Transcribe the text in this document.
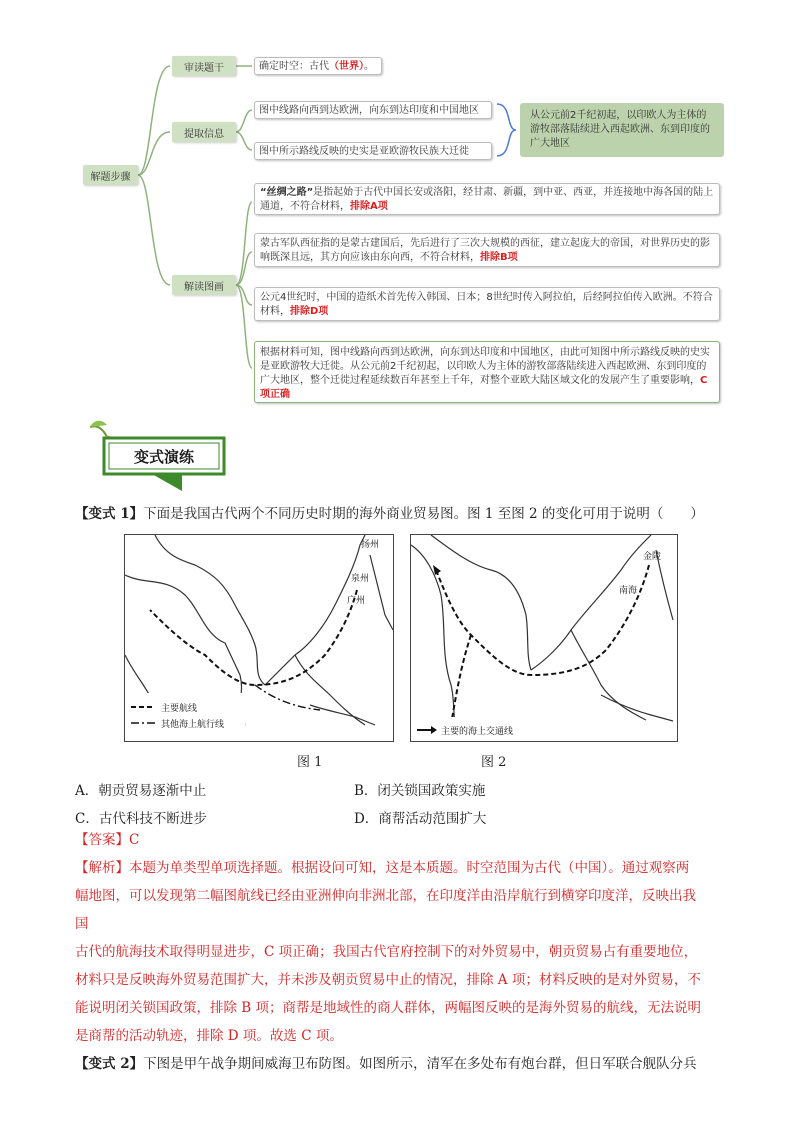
解题步骤
审读题干
提取信息
解读图画
确定时空：古代（世界）。
图中线路向西到达欧洲，向东到达印度和中国地区
图中所示路线反映的史实是亚欧游牧民族大迁徙
从公元前2千纪初起，以印欧人为主体的游牧部落陆续进入西起欧洲、东到印度的广大地区
“丝绸之路”是指起始于古代中国长安或洛阳，经甘肃、新疆，到中亚、西亚，并连接地中海各国的陆上通道，不符合材料，排除A项
蒙古军队西征指的是蒙古建国后，先后进行了三次大规模的西征，建立起庞大的帝国，对世界历史的影响既深且远，其方向应该由东向西，不符合材料，排除B项
公元4世纪时，中国的造纸术首先传入韩国、日本；8世纪时传入阿拉伯，后经阿拉伯传入欧洲。不符合材料，排除D项
根据材料可知，图中线路向西到达欧洲，向东到达印度和中国地区，由此可知图中所示路线反映的史实是亚欧游牧大迁徙。从公元前2千纪初起，以印欧人为主体的游牧部落陆续进入西起欧洲、东到印度的广大地区，整个迁徙过程延续数百年甚至上千年，对整个亚欧大陆区域文化的发展产生了重要影响，C项正确
变式演练
【变式 1】下面是我国古代两个不同历史时期的海外商业贸易图。图 1 至图 2 的变化可用于说明（　　）
扬州
泉州
广州
主要航线
其他海上航行线
金陵
南海
主要的海上交通线
图 1	图 2
A．朝贡贸易逐渐中止	B．闭关锁国政策实施
C．古代科技不断进步	D．商帮活动范围扩大
【答案】C
【解析】本题为单类型单项选择题。根据设问可知，这是本质题。时空范围为古代（中国）。通过观察两
幅地图，可以发现第二幅图航线已经由亚洲伸向非洲北部，在印度洋由沿岸航行到横穿印度洋，反映出我
国
古代的航海技术取得明显进步，C 项正确；我国古代官府控制下的对外贸易中，朝贡贸易占有重要地位，
材料只是反映海外贸易范围扩大，并未涉及朝贡贸易中止的情况，排除 A 项；材料反映的是对外贸易，不
能说明闭关锁国政策，排除 B 项；商帮是地域性的商人群体，两幅图反映的是海外贸易的航线，无法说明
是商帮的活动轨迹，排除 D 项。故选 C 项。
【变式 2】下图是甲午战争期间威海卫布防图。如图所示，清军在多处布有炮台群，但日军联合舰队分兵
